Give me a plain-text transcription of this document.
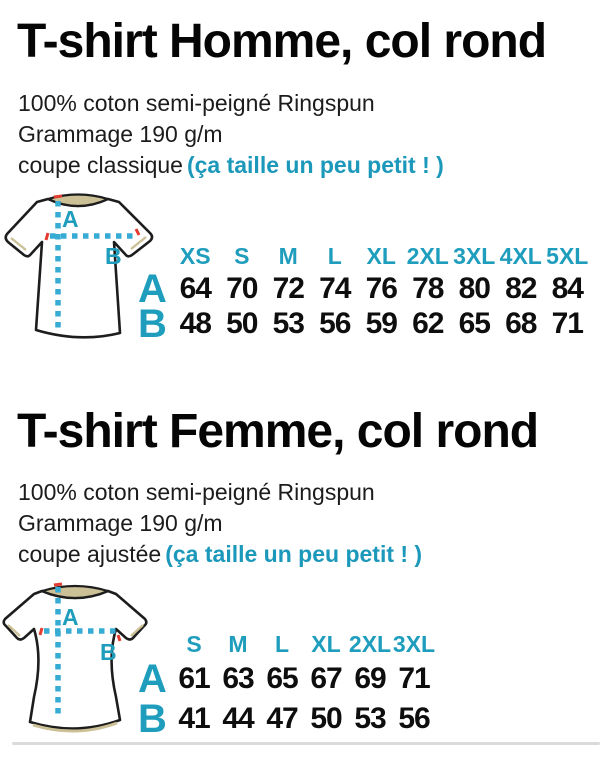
T-shirt Homme, col rond
100% coton semi-peigné Ringspun
Grammage 190 g/m
coupe classique (ça taille un peu petit ! )
A
B	XS	S	M	L	XL 2XL 3XL 4XL 5XL
A 64 70 72 74 76 78 80 82 84
B 48 50 53 56 59 62 65 68 71
T-shirt Femme, col rond
100% coton semi-peigné Ringspun
Grammage 190 g/m
coupe ajustée (ça taille un peu petit ! )
A
B	S	M	L XL 2XL 3XL
A 61 63 65 67 69 71
B 41 44 47 50 53 56
